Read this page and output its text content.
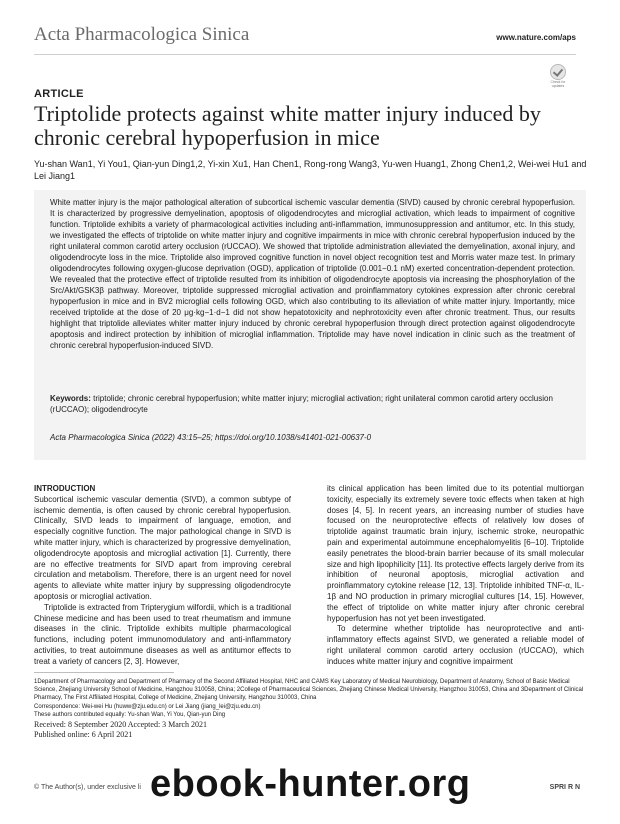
Acta Pharmacologica Sinica	www.nature.com/aps
Check for updates
ARTICLE
Triptolide protects against white matter injury induced by chronic cerebral hypoperfusion in mice
Yu-shan Wan1, Yi You1, Qian-yun Ding1,2, Yi-xin Xu1, Han Chen1, Rong-rong Wang3, Yu-wen Huang1, Zhong Chen1,2, Wei-wei Hu1 and Lei Jiang1
White matter injury is the major pathological alteration of subcortical ischemic vascular dementia (SIVD) caused by chronic cerebral hypoperfusion. It is characterized by progressive demyelination, apoptosis of oligodendrocytes and microglial activation, which leads to impairment of cognitive function. Triptolide exhibits a variety of pharmacological activities including anti-inflammation, immunosuppression and antitumor, etc. In this study, we investigated the effects of triptolide on white matter injury and cognitive impairments in mice with chronic cerebral hypoperfusion induced by the right unilateral common carotid artery occlusion (rUCCAO). We showed that triptolide administration alleviated the demyelination, axonal injury, and oligodendrocyte loss in the mice. Triptolide also improved cognitive function in novel object recognition test and Morris water maze test. In primary oligodendrocytes following oxygen-glucose deprivation (OGD), application of triptolide (0.001−0.1 nM) exerted concentration-dependent protection. We revealed that the protective effect of triptolide resulted from its inhibition of oligodendrocyte apoptosis via increasing the phosphorylation of the Src/Akt/GSK3β pathway. Moreover, triptolide suppressed microglial activation and proinflammatory cytokines expression after chronic cerebral hypoperfusion in mice and in BV2 microglial cells following OGD, which also contributing to its alleviation of white matter injury. Importantly, mice received triptolide at the dose of 20 μg·kg−1·d−1 did not show hepatotoxicity and nephrotoxicity even after chronic treatment. Thus, our results highlight that triptolide alleviates whiter matter injury induced by chronic cerebral hypoperfusion through direct protection against oligodendrocyte apoptosis and indirect protection by inhibition of microglial inflammation. Triptolide may have novel indication in clinic such as the treatment of chronic cerebral hypoperfusion-induced SIVD.
Keywords: triptolide; chronic cerebral hypoperfusion; white matter injury; microglial activation; right unilateral common carotid artery occlusion (rUCCAO); oligodendrocyte
Acta Pharmacologica Sinica (2022) 43:15–25; https://doi.org/10.1038/s41401-021-00637-0
INTRODUCTION

Subcortical ischemic vascular dementia (SIVD), a common subtype of ischemic dementia, is often caused by chronic cerebral hypoperfusion. Clinically, SIVD leads to impairment of language, emotion, and especially cognitive function. The major pathological change in SIVD is white matter injury, which is characterized by progressive demyelination, oligodendrocyte apoptosis and microglial activation [1]. Currently, there are no effective treatments for SIVD apart from improving cerebral circulation and metabolism. Therefore, there is an urgent need for novel agents to alleviate white matter injury by suppressing oligodendrocyte apoptosis or microglial activation.

Triptolide is extracted from Tripterygium wilfordii, which is a traditional Chinese medicine and has been used to treat rheumatism and immune diseases in the clinic. Triptolide exhibits multiple pharmacological functions, including potent immunomodulatory and anti-inflammatory activities, to treat autoimmune diseases as well as antitumor effects to treat a variety of cancers [2, 3]. However,

its clinical application has been limited due to its potential multiorgan toxicity, especially its extremely severe toxic effects when taken at high doses [4, 5]. In recent years, an increasing number of studies have focused on the neuroprotective effects of relatively low doses of triptolide against traumatic brain injury, ischemic stroke, neuropathic pain and experimental autoimmune encephalomyelitis [6–10]. Triptolide easily penetrates the blood-brain barrier because of its small molecular size and high lipophilicity [11]. Its protective effects largely derive from its inhibition of neuronal apoptosis, microglial activation and proinflammatory cytokine release [12, 13]. Triptolide inhibited TNF-α, IL-1β and NO production in primary microglial cultures [14, 15]. However, the effect of triptolide on white matter injury after chronic cerebral hypoperfusion has not yet been investigated.

To determine whether triptolide has neuroprotective and anti-inflammatory effects against SIVD, we generated a reliable model of right unilateral common carotid artery occlusion (rUCCAO), which induces white matter injury and cognitive impairment

1Department of Pharmacology and Department of Pharmacy of the Second Affiliated Hospital, NHC and CAMS Key Laboratory of Medical Neurobiology, Department of Anatomy, School of Basic Medical Science, Zhejiang University School of Medicine, Hangzhou 310058, China; 2College of Pharmaceutical Sciences, Zhejiang Chinese Medical University, Hangzhou 310053, China and 3Department of Clinical Pharmacy, The First Affiliated Hospital, College of Medicine, Zhejiang University, Hangzhou 310003, China
Correspondence: Wei-wei Hu (huww@zju.edu.cn) or Lei Jiang (jiang_lei@zju.edu.cn)
These authors contributed equally: Yu-shan Wan, Yi You, Qian-yun Ding
Received: 8 September 2020 Accepted: 3 March 2021
Published online: 6 April 2021
© The Author(s), under exclusive li	SPRI R N
ebook-hunter.org
